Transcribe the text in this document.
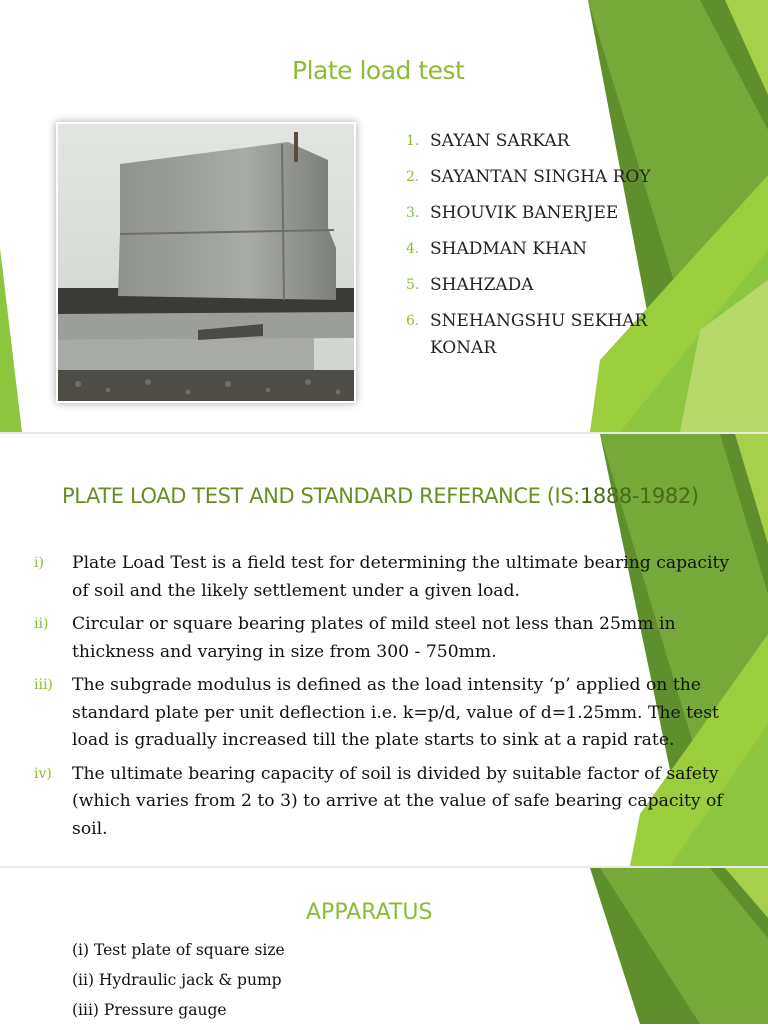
Plate load test
1. SAYAN SARKAR
2. SAYANTAN SINGHA ROY
3. SHOUVIK BANERJEE
4. SHADMAN KHAN
5. SHAHZADA
6. SNEHANGSHU SEKHAR KONAR
PLATE LOAD TEST AND STANDARD REFERANCE (IS:1888-1982)
i)	Plate Load Test is a field test for determining the ultimate bearing capacity of soil and the likely settlement under a given load.
ii)	Circular or square bearing plates of mild steel not less than 25mm in thickness and varying in size from 300 - 750mm.
iii)	The subgrade modulus is defined as the load intensity ‘p’ applied on the standard plate per unit deflection i.e. k=p/d, value of d=1.25mm. The test load is gradually increased till the plate starts to sink at a rapid rate.
iv)	The ultimate bearing capacity of soil is divided by suitable factor of safety (which varies from 2 to 3) to arrive at the value of safe bearing capacity of soil.
APPARATUS
(i) Test plate of square size
(ii) Hydraulic jack & pump
(iii) Pressure gauge
